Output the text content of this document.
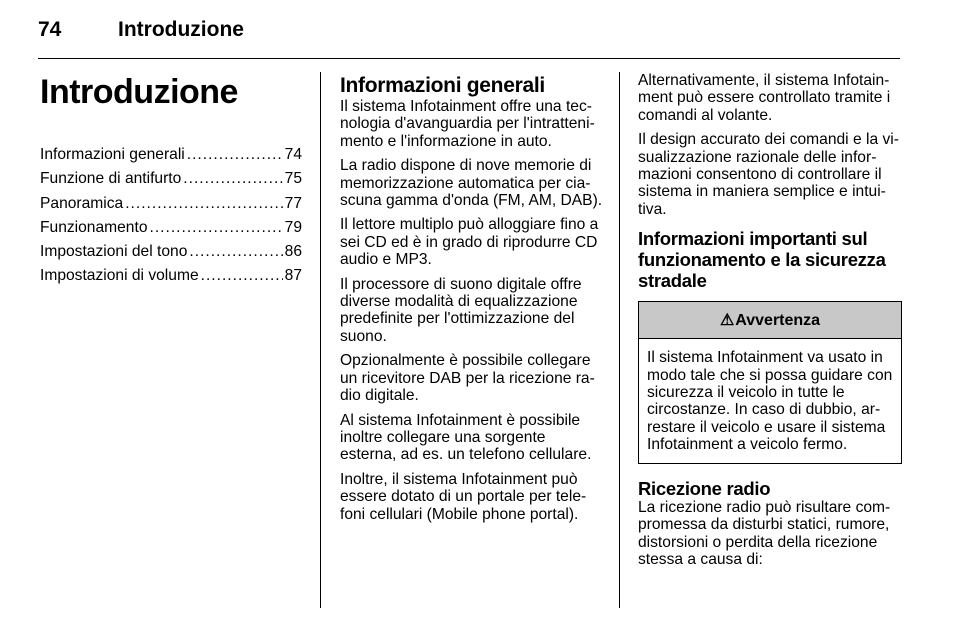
74	Introduzione
Introduzione
Informazioni generali .....	74
Funzione di antifurto .....	75
Panoramica .....	77
Funzionamento .....	79
Impostazioni del tono .....	86
Impostazioni di volume .....	87
Informazioni generali

Il sistema Infotainment offre una tecnologia d'avanguardia per l'intrattenimento e l'informazione in auto.

La radio dispone di nove memorie di memorizzazione automatica per ciascuna gamma d'onda (FM, AM, DAB).

Il lettore multiplo può alloggiare fino a sei CD ed è in grado di riprodurre CD audio e MP3.

Il processore di suono digitale offre diverse modalità di equalizzazione predefinite per l'ottimizzazione del suono.

Opzionalmente è possibile collegare un ricevitore DAB per la ricezione radio digitale.

Al sistema Infotainment è possibile inoltre collegare una sorgente esterna, ad es. un telefono cellulare.

Inoltre, il sistema Infotainment può essere dotato di un portale per telefoni cellulari (Mobile phone portal).

Alternativamente, il sistema Infotainment può essere controllato tramite i comandi al volante.

Il design accurato dei comandi e la visualizzazione razionale delle informazioni consentono di controllare il sistema in maniera semplice e intuitiva.

Informazioni importanti sul funzionamento e la sicurezza stradale
⚠ Avvertenza
Il sistema Infotainment va usato in modo tale che si possa guidare con sicurezza il veicolo in tutte le circostanze. In caso di dubbio, arrestare il veicolo e usare il sistema Infotainment a veicolo fermo.
Ricezione radio

La ricezione radio può risultare compromessa da disturbi statici, rumore, distorsioni o perdita della ricezione stessa a causa di:
